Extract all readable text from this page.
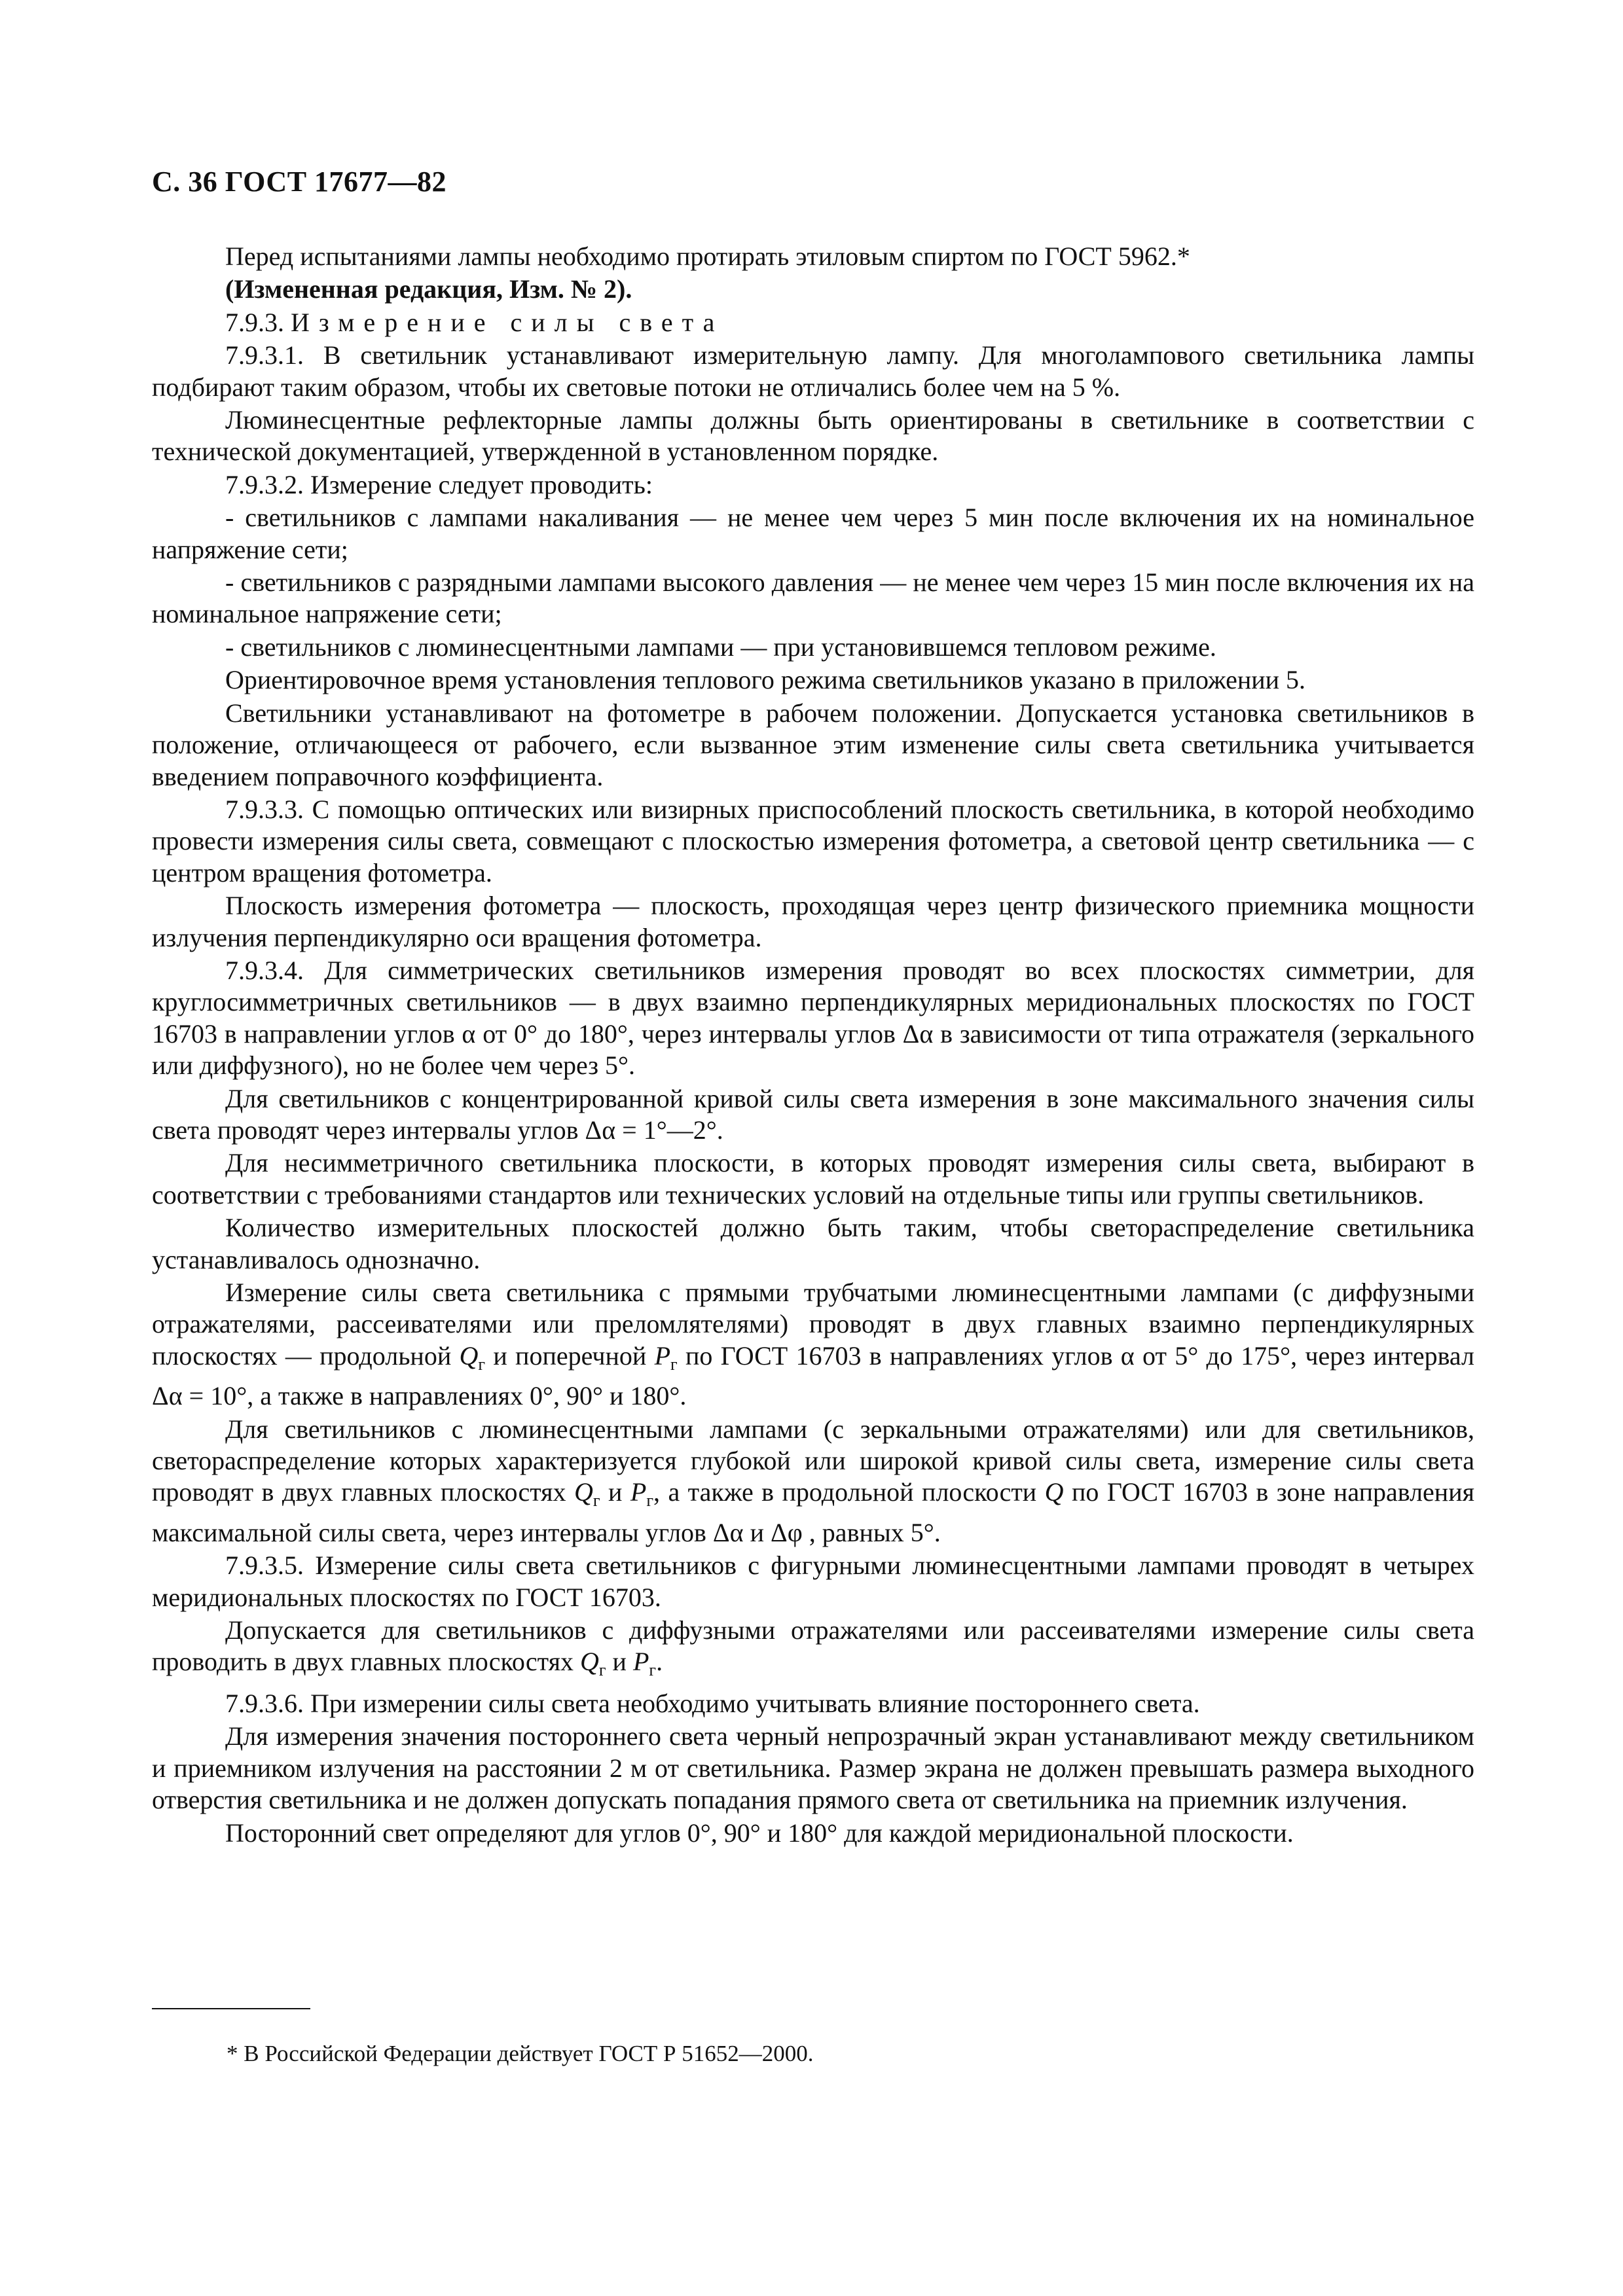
С. 36 ГОСТ 17677—82

Перед испытаниями лампы необходимо протирать этиловым спиртом по ГОСТ 5962.*

(Измененная редакция, Изм. № 2).

7.9.3. Измерение силы света

7.9.3.1. В светильник устанавливают измерительную лампу. Для многолампового светильника лампы подбирают таким образом, чтобы их световые потоки не отличались более чем на 5 %.

Люминесцентные рефлекторные лампы должны быть ориентированы в светильнике в соответствии с технической документацией, утвержденной в установленном порядке.

7.9.3.2. Измерение следует проводить:

- светильников с лампами накаливания — не менее чем через 5 мин после включения их на номинальное напряжение сети;

- светильников с разрядными лампами высокого давления — не менее чем через 15 мин после включения их на номинальное напряжение сети;

- светильников с люминесцентными лампами — при установившемся тепловом режиме.

Ориентировочное время установления теплового режима светильников указано в приложении 5.

Светильники устанавливают на фотометре в рабочем положении. Допускается установка светильников в положение, отличающееся от рабочего, если вызванное этим изменение силы света светильника учитывается введением поправочного коэффициента.

7.9.3.3. С помощью оптических или визирных приспособлений плоскость светильника, в которой необходимо провести измерения силы света, совмещают с плоскостью измерения фотометра, а световой центр светильника — с центром вращения фотометра.

Плоскость измерения фотометра — плоскость, проходящая через центр физического приемника мощности излучения перпендикулярно оси вращения фотометра.

7.9.3.4. Для симметрических светильников измерения проводят во всех плоскостях симметрии, для круглосимметричных светильников — в двух взаимно перпендикулярных меридиональных плоскостях по ГОСТ 16703 в направлении углов α от 0° до 180°, через интервалы углов Δα в зависимости от типа отражателя (зеркального или диффузного), но не более чем через 5°.

Для светильников с концентрированной кривой силы света измерения в зоне максимального значения силы света проводят через интервалы углов Δα = 1°—2°.

Для несимметричного светильника плоскости, в которых проводят измерения силы света, выбирают в соответствии с требованиями стандартов или технических условий на отдельные типы или группы светильников.

Количество измерительных плоскостей должно быть таким, чтобы светораспределение светильника устанавливалось однозначно.

Измерение силы света светильника с прямыми трубчатыми люминесцентными лампами (с диффузными отражателями, рассеивателями или преломлятелями) проводят в двух главных взаимно перпендикулярных плоскостях — продольной $Q_г$ и поперечной $P_г$ по ГОСТ 16703 в направлениях углов α от 5° до 175°, через интервал Δα = 10°, а также в направлениях 0°, 90° и 180°.

Для светильников с люминесцентными лампами (с зеркальными отражателями) или для светильников, светораспределение которых характеризуется глубокой или широкой кривой силы света, измерение силы света проводят в двух главных плоскостях $Q_г$ и $P_г$, а также в продольной плоскости Q по ГОСТ 16703 в зоне направления максимальной силы света, через интервалы углов Δα и Δφ , равных 5°.

7.9.3.5. Измерение силы света светильников с фигурными люминесцентными лампами проводят в четырех меридиональных плоскостях по ГОСТ 16703.

Допускается для светильников с диффузными отражателями или рассеивателями измерение силы света проводить в двух главных плоскостях $Q_г$ и $P_г$.

7.9.3.6. При измерении силы света необходимо учитывать влияние постороннего света.

Для измерения значения постороннего света черный непрозрачный экран устанавливают между светильником и приемником излучения на расстоянии 2 м от светильника. Размер экрана не должен превышать размера выходного отверстия светильника и не должен допускать попадания прямого света от светильника на приемник излучения.

Посторонний свет определяют для углов 0°, 90° и 180° для каждой меридиональной плоскости.

* В Российской Федерации действует ГОСТ Р 51652—2000.
